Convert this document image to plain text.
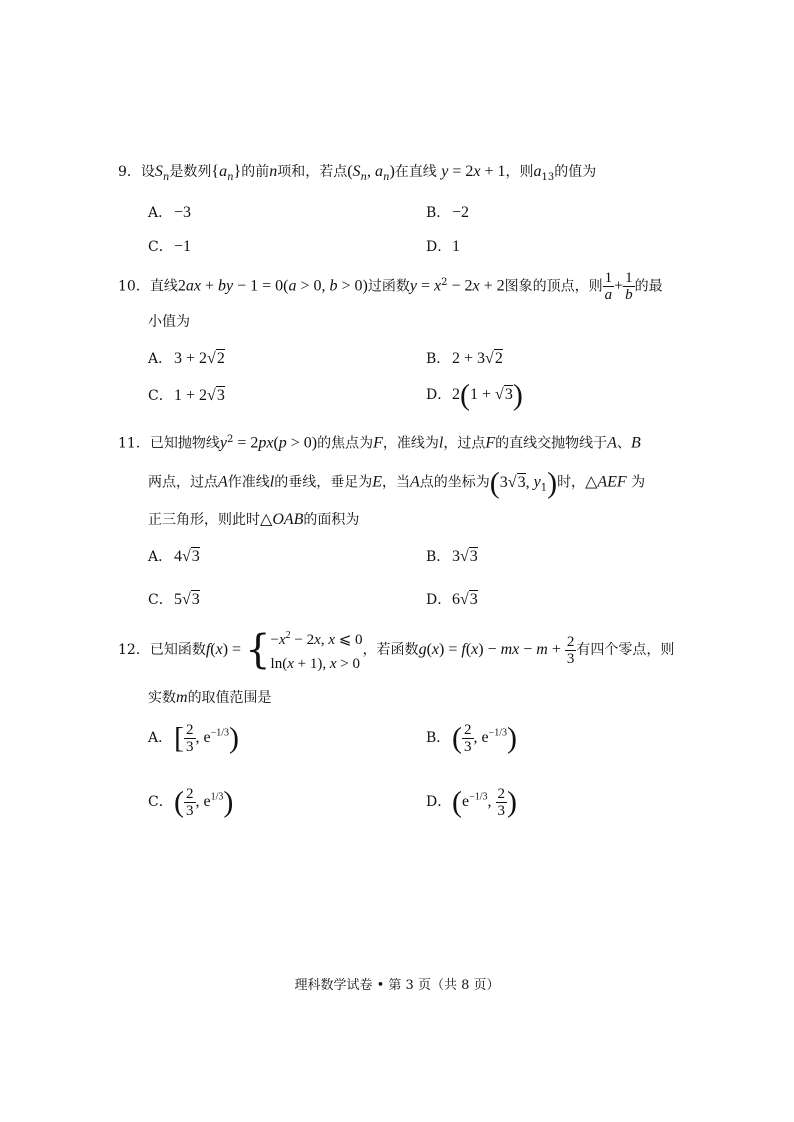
9．设$S_n$是数列$\{a_n\}$的前n项和，若点($S_n$, $a_n$)在直线 y = 2x + 1，则$a_{13}$的值为
A． −3	B． −2
C．−1	D．1
10．直线2ax + by − 1 = 0(a > 0, b > 0)过函数$y = x^2 - 2x + 2$图象的顶点，则 $\frac{1}{a} + \frac{1}{b}$ 的最
小值为
A． 3 + 2√2	B． 2 + 3√2
C．1 + 2√3	D．2(1 + √3)
11．已知抛物线$y^2 = 2px(p > 0)$的焦点为F，准线为l，过点F的直线交抛物线于A、B
两点，过点A作准线l的垂线，垂足为E，当A点的坐标为(3√3, $y_1$)时，△AEF 为
正三角形，则此时△OAB的面积为
A． 4√3	B． 3√3
C．5√3	D．6√3
12．已知函数f(x) = { $-x^2 - 2x$, x ⩽ 0
ln(x + 1), x > 0
，若函数g(x) = f(x) − mx − $m + \frac{2}{3}$ 有四个零点，则
实数m的取值范围是
A．[ $\frac{2}{3}$ , $e^{-1/3}$)	B．( $\frac{2}{3}$ , $e^{-1/3}$)
C．( $\frac{2}{3}$ , $e^{1/3}$)	D．($e^{-1/3}$, $\frac{2}{3}$ )
理科数学试卷 • 第 3 页（共 8 页）
